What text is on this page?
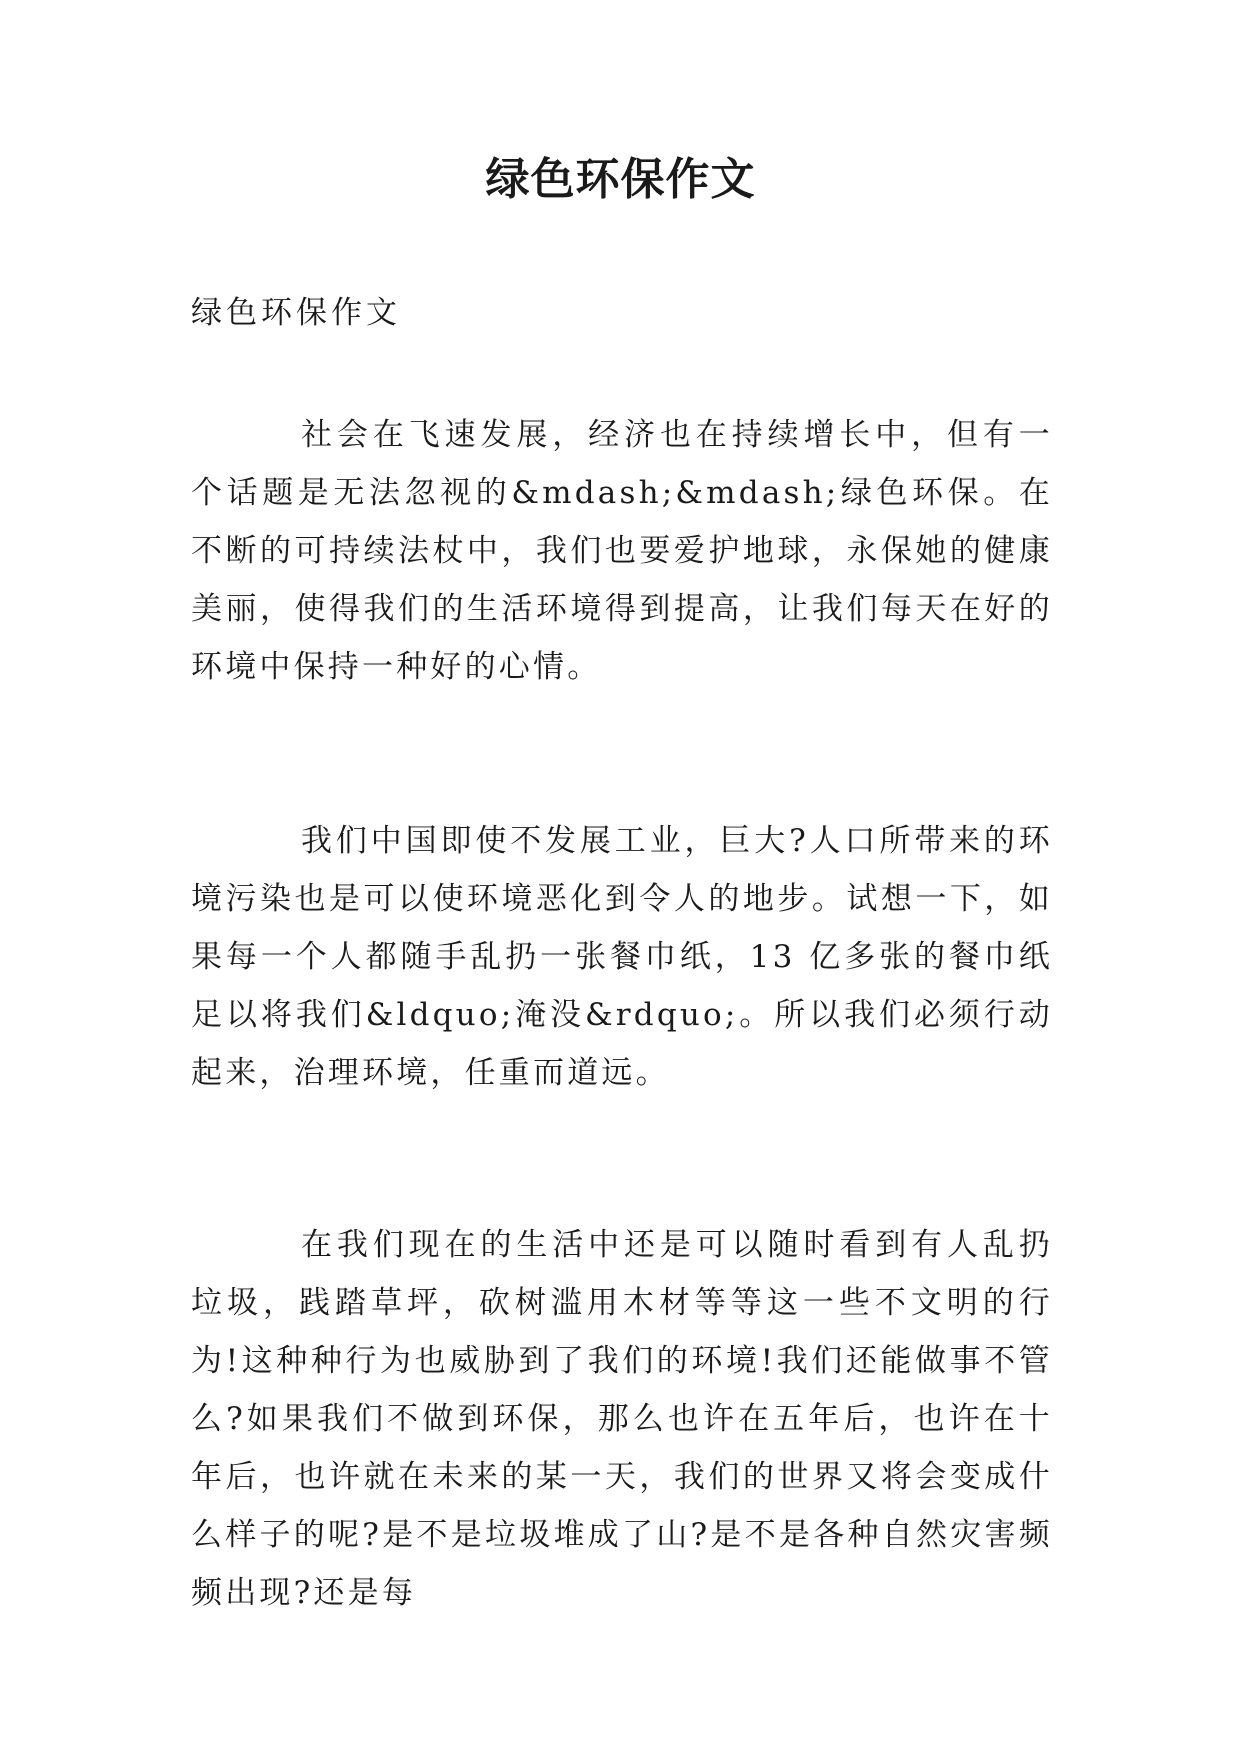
绿色环保作文

绿色环保作文

社会在飞速发展，经济也在持续增长中，但有一个话题是无法忽视的&mdash;&mdash;绿色环保。在不断的可持续法杖中，我们也要爱护地球，永保她的健康美丽，使得我们的生活环境得到提高，让我们每天在好的环境中保持一种好的心情。

我们中国即使不发展工业，巨大?人口所带来的环境污染也是可以使环境恶化到令人的地步。试想一下，如果每一个人都随手乱扔一张餐巾纸，13 亿多张的餐巾纸足以将我们&ldquo;淹没&rdquo;。所以我们必须行动起来，治理环境，任重而道远。

在我们现在的生活中还是可以随时看到有人乱扔垃圾，践踏草坪，砍树滥用木材等等这一些不文明的行为!这种种行为也威胁到了我们的环境!我们还能做事不管么?如果我们不做到环保，那么也许在五年后，也许在十年后，也许就在未来的某一天，我们的世界又将会变成什么样子的呢?是不是垃圾堆成了山?是不是各种自然灾害频频出现?还是每
